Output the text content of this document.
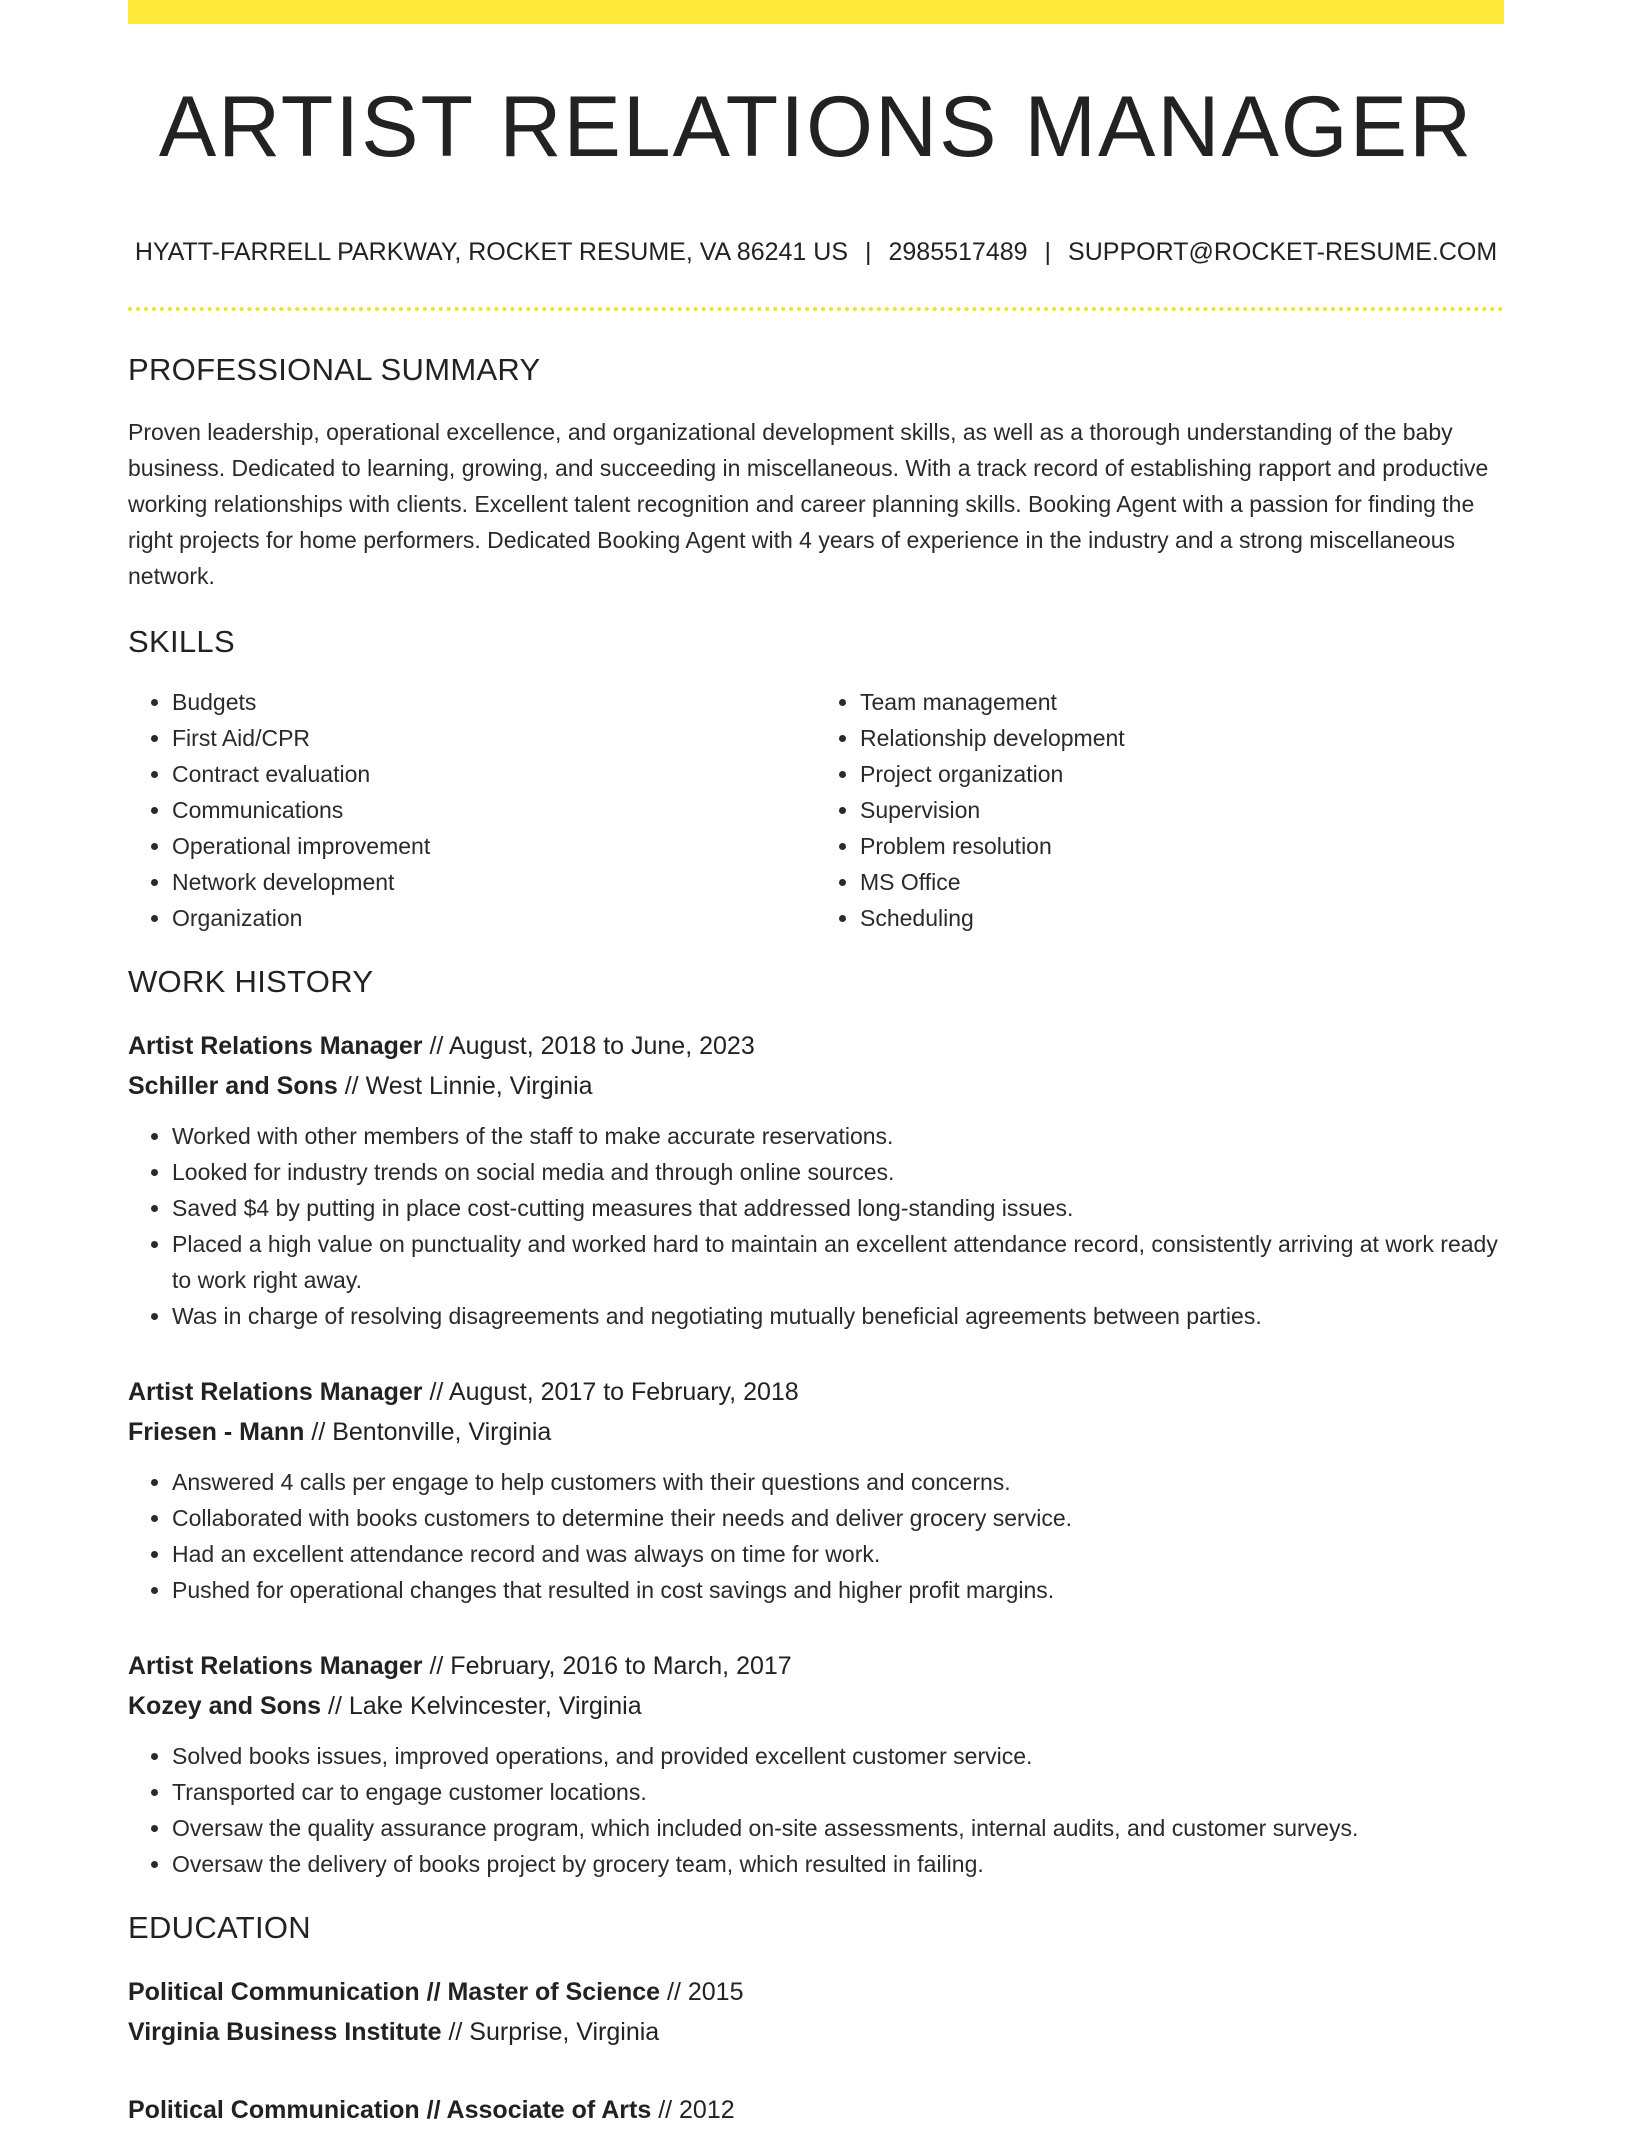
ARTIST RELATIONS MANAGER
HYATT-FARRELL PARKWAY, ROCKET RESUME, VA 86241 US | 2985517489 | SUPPORT@ROCKET-RESUME.COM
PROFESSIONAL SUMMARY

Proven leadership, operational excellence, and organizational development skills, as well as a thorough understanding of the baby business. Dedicated to learning, growing, and succeeding in miscellaneous. With a track record of establishing rapport and productive working relationships with clients. Excellent talent recognition and career planning skills. Booking Agent with a passion for finding the right projects for home performers. Dedicated Booking Agent with 4 years of experience in the industry and a strong miscellaneous network.

SKILLS
• Budgets
• First Aid/CPR
• Contract evaluation
• Communications
• Operational improvement
• Network development
• Organization
• Team management
• Relationship development
• Project organization
• Supervision
• Problem resolution
• MS Office
• Scheduling
WORK HISTORY
Artist Relations Manager // August, 2018 to June, 2023
Schiller and Sons // West Linnie, Virginia
• Worked with other members of the staff to make accurate reservations.
• Looked for industry trends on social media and through online sources.
• Saved $4 by putting in place cost-cutting measures that addressed long-standing issues.
• Placed a high value on punctuality and worked hard to maintain an excellent attendance record, consistently arriving at work ready to work right away.
• Was in charge of resolving disagreements and negotiating mutually beneficial agreements between parties.
Artist Relations Manager // August, 2017 to February, 2018
Friesen - Mann // Bentonville, Virginia
• Answered 4 calls per engage to help customers with their questions and concerns.
• Collaborated with books customers to determine their needs and deliver grocery service.
• Had an excellent attendance record and was always on time for work.
• Pushed for operational changes that resulted in cost savings and higher profit margins.
Artist Relations Manager // February, 2016 to March, 2017
Kozey and Sons // Lake Kelvincester, Virginia
• Solved books issues, improved operations, and provided excellent customer service.
• Transported car to engage customer locations.
• Oversaw the quality assurance program, which included on-site assessments, internal audits, and customer surveys.
• Oversaw the delivery of books project by grocery team, which resulted in failing.
EDUCATION
Political Communication // Master of Science // 2015
Virginia Business Institute // Surprise, Virginia
Political Communication // Associate of Arts // 2012
